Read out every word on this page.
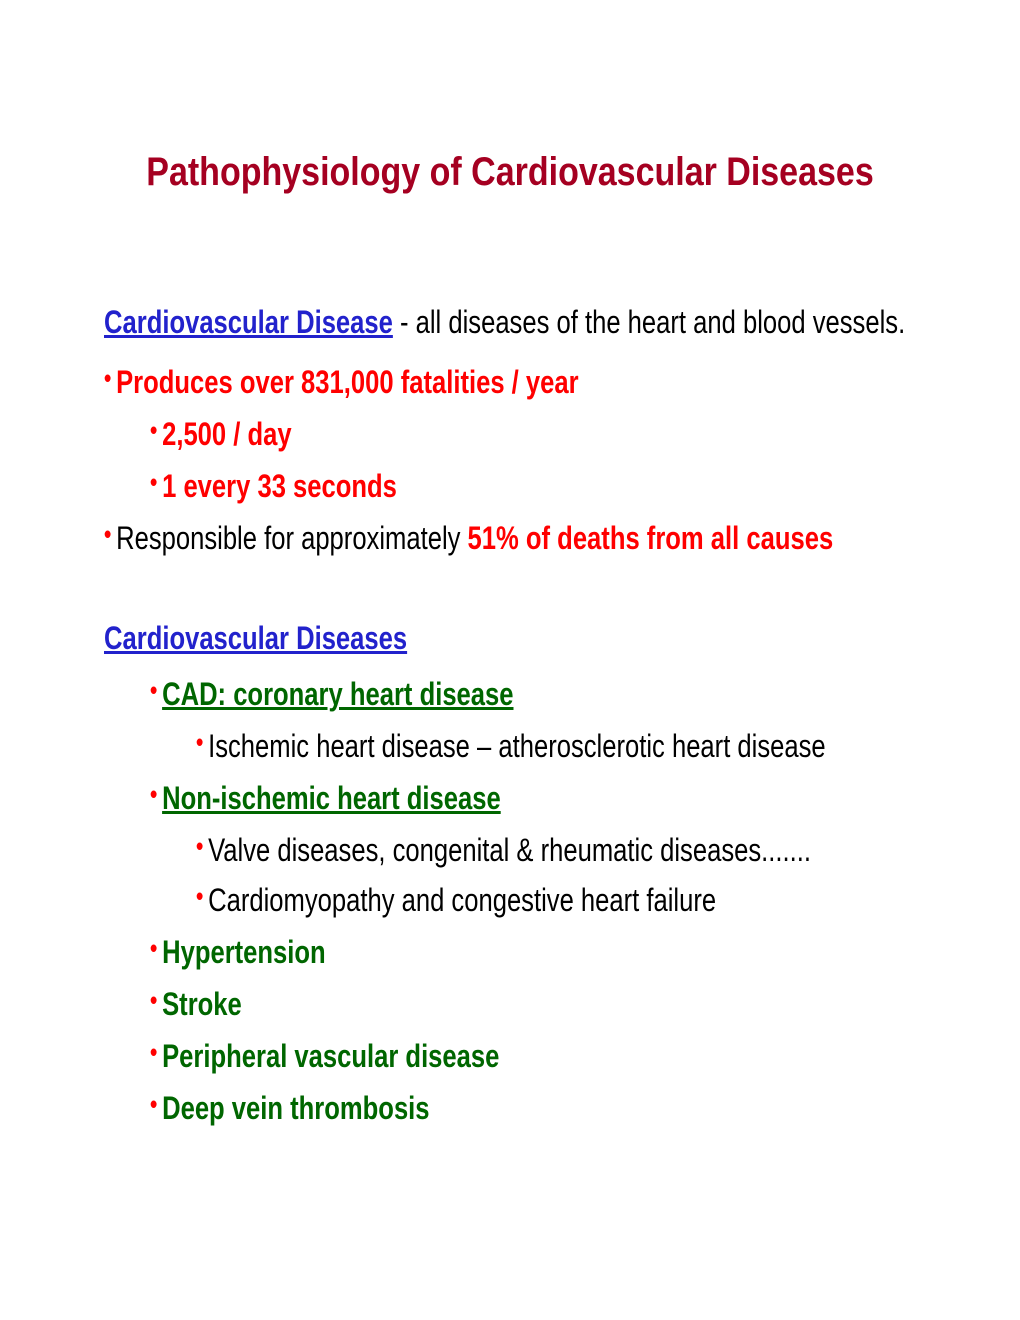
Pathophysiology of Cardiovascular Diseases
Cardiovascular Disease - all diseases of the heart and blood vessels.
• Produces over 831,000 fatalities / year
• 2,500 / day
• 1 every 33 seconds
• Responsible for approximately 51% of deaths from all causes
Cardiovascular Diseases
• CAD: coronary heart disease
• Ischemic heart disease – atherosclerotic heart disease
• Non-ischemic heart disease
• Valve diseases, congenital & rheumatic diseases.......
• Cardiomyopathy and congestive heart failure
• Hypertension
• Stroke
• Peripheral vascular disease
• Deep vein thrombosis
